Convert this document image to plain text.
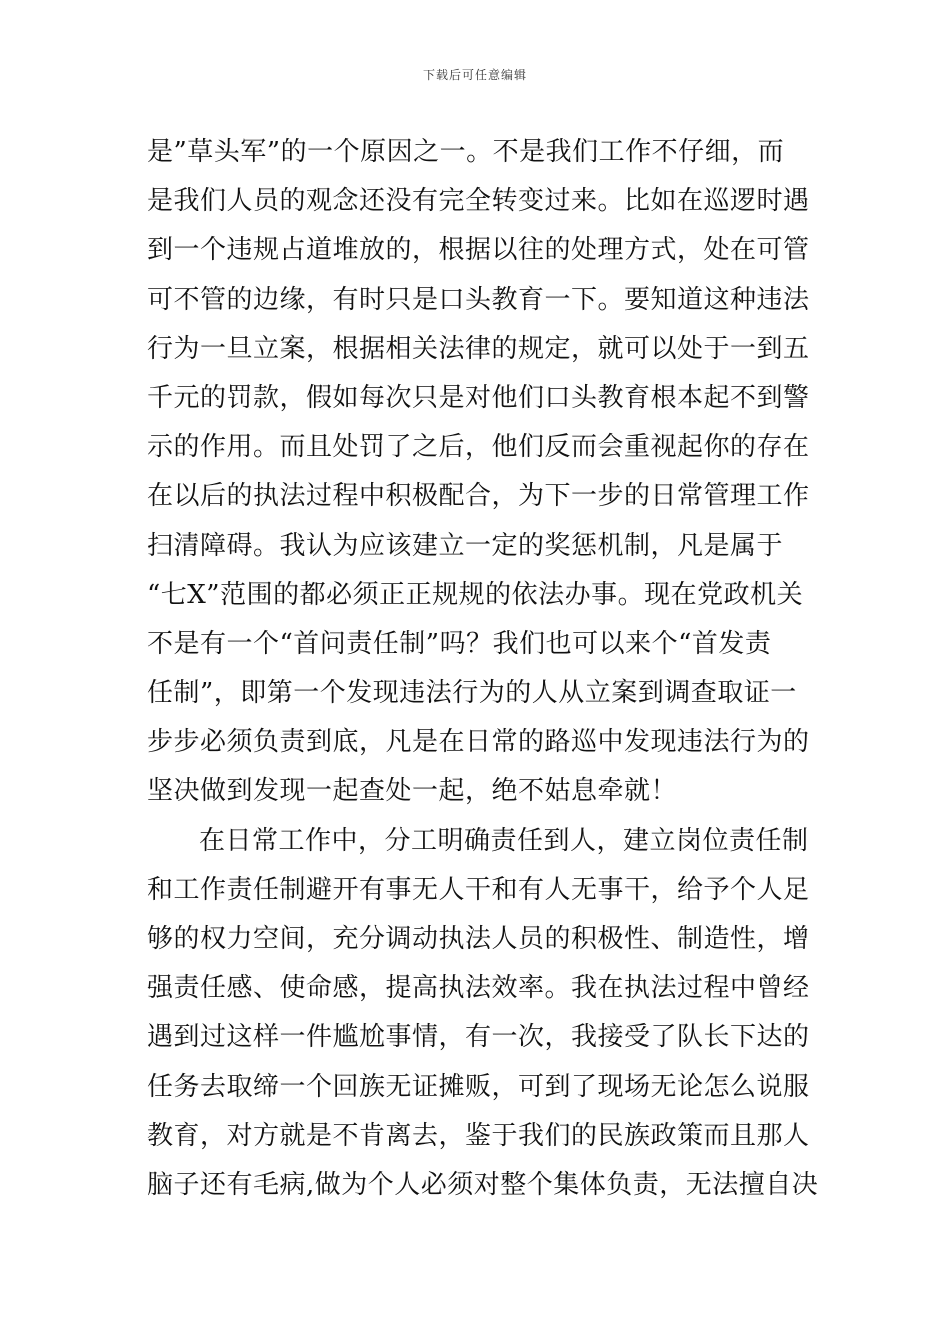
下载后可任意编辑
是”草头军”的一个原因之一。不是我们工作不仔细，而
是我们人员的观念还没有完全转变过来。比如在巡逻时遇
到一个违规占道堆放的，根据以往的处理方式，处在可管
可不管的边缘，有时只是口头教育一下。要知道这种违法
行为一旦立案，根据相关法律的规定，就可以处于一到五
千元的罚款，假如每次只是对他们口头教育根本起不到警
示的作用。而且处罚了之后，他们反而会重视起你的存在
在以后的执法过程中积极配合，为下一步的日常管理工作
扫清障碍。我认为应该建立一定的奖惩机制，凡是属于
“七X”范围的都必须正正规规的依法办事。现在党政机关
不是有一个“首问责任制”吗？我们也可以来个“首发责
任制”，即第一个发现违法行为的人从立案到调查取证一
步步必须负责到底，凡是在日常的路巡中发现违法行为的
坚决做到发现一起查处一起，绝不姑息牵就！
在日常工作中，分工明确责任到人，建立岗位责任制
和工作责任制避开有事无人干和有人无事干，给予个人足
够的权力空间，充分调动执法人员的积极性、制造性，增
强责任感、使命感，提高执法效率。我在执法过程中曾经
遇到过这样一件尴尬事情，有一次，我接受了队长下达的
任务去取缔一个回族无证摊贩，可到了现场无论怎么说服
教育，对方就是不肯离去，鉴于我们的民族政策而且那人
脑子还有毛病,做为个人必须对整个集体负责，无法擅自决
